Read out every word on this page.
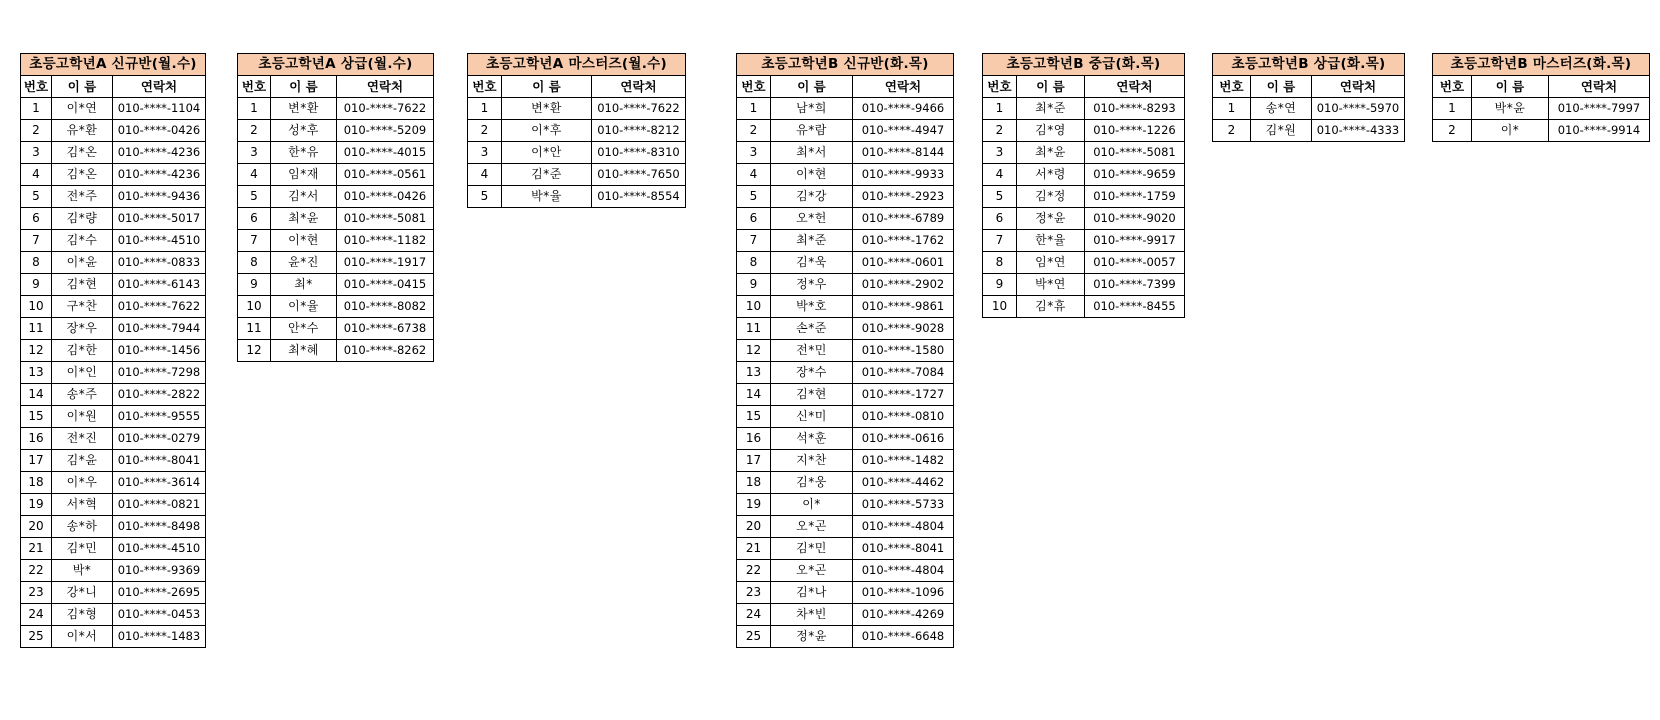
초등고학년A 신규반(월.수)		
번호	이 름	연락처
1	이*연	010-****-1104
2	유*환	010-****-0426
3	김*온	010-****-4236
4	김*온	010-****-4236
5	전*주	010-****-9436
6	김*량	010-****-5017
7	김*수	010-****-4510
8	이*윤	010-****-0833
9	김*현	010-****-6143
10	구*찬	010-****-7622
11	장*우	010-****-7944
12	김*한	010-****-1456
13	이*인	010-****-7298
14	송*주	010-****-2822
15	이*원	010-****-9555
16	전*진	010-****-0279
17	김*윤	010-****-8041
18	이*우	010-****-3614
19	서*혁	010-****-0821
20	송*하	010-****-8498
21	김*민	010-****-4510
22	박*	010-****-9369
23	강*니	010-****-2695
24	김*형	010-****-0453
25	이*서	010-****-1483
초등고학년A 상급(월.수)		
번호	이 름	연락처
1	변*환	010-****-7622
2	성*후	010-****-5209
3	한*유	010-****-4015
4	임*재	010-****-0561
5	김*서	010-****-0426
6	최*윤	010-****-5081
7	이*현	010-****-1182
8	윤*진	010-****-1917
9	최*	010-****-0415
10	이*율	010-****-8082
11	안*수	010-****-6738
12	최*혜	010-****-8262
초등고학년A 마스터즈(월.수)		
번호	이 름	연락처
1	변*환	010-****-7622
2	이*후	010-****-8212
3	이*안	010-****-8310
4	김*준	010-****-7650
5	박*율	010-****-8554
초등고학년B 신규반(화.목)		
번호	이 름	연락처
1	남*희	010-****-9466
2	유*람	010-****-4947
3	최*서	010-****-8144
4	이*현	010-****-9933
5	김*강	010-****-2923
6	오*헌	010-****-6789
7	최*준	010-****-1762
8	김*욱	010-****-0601
9	정*우	010-****-2902
10	박*호	010-****-9861
11	손*준	010-****-9028
12	전*민	010-****-1580
13	장*수	010-****-7084
14	김*현	010-****-1727
15	신*미	010-****-0810
16	석*훈	010-****-0616
17	지*찬	010-****-1482
18	김*웅	010-****-4462
19	이*	010-****-5733
20	오*곤	010-****-4804
21	김*민	010-****-8041
22	오*곤	010-****-4804
23	김*나	010-****-1096
24	차*빈	010-****-4269
25	정*윤	010-****-6648
초등고학년B 중급(화.목)		
번호	이 름	연락처
1	최*준	010-****-8293
2	김*영	010-****-1226
3	최*윤	010-****-5081
4	서*령	010-****-9659
5	김*정	010-****-1759
6	정*윤	010-****-9020
7	한*율	010-****-9917
8	임*연	010-****-0057
9	박*연	010-****-7399
10	김*휴	010-****-8455
초등고학년B 상급(화.목)		
번호	이 름	연락처
1	송*연	010-****-5970
2	김*원	010-****-4333
초등고학년B 마스터즈(화.목)		
번호	이 름	연락처
1	박*윤	010-****-7997
2	이*	010-****-9914
